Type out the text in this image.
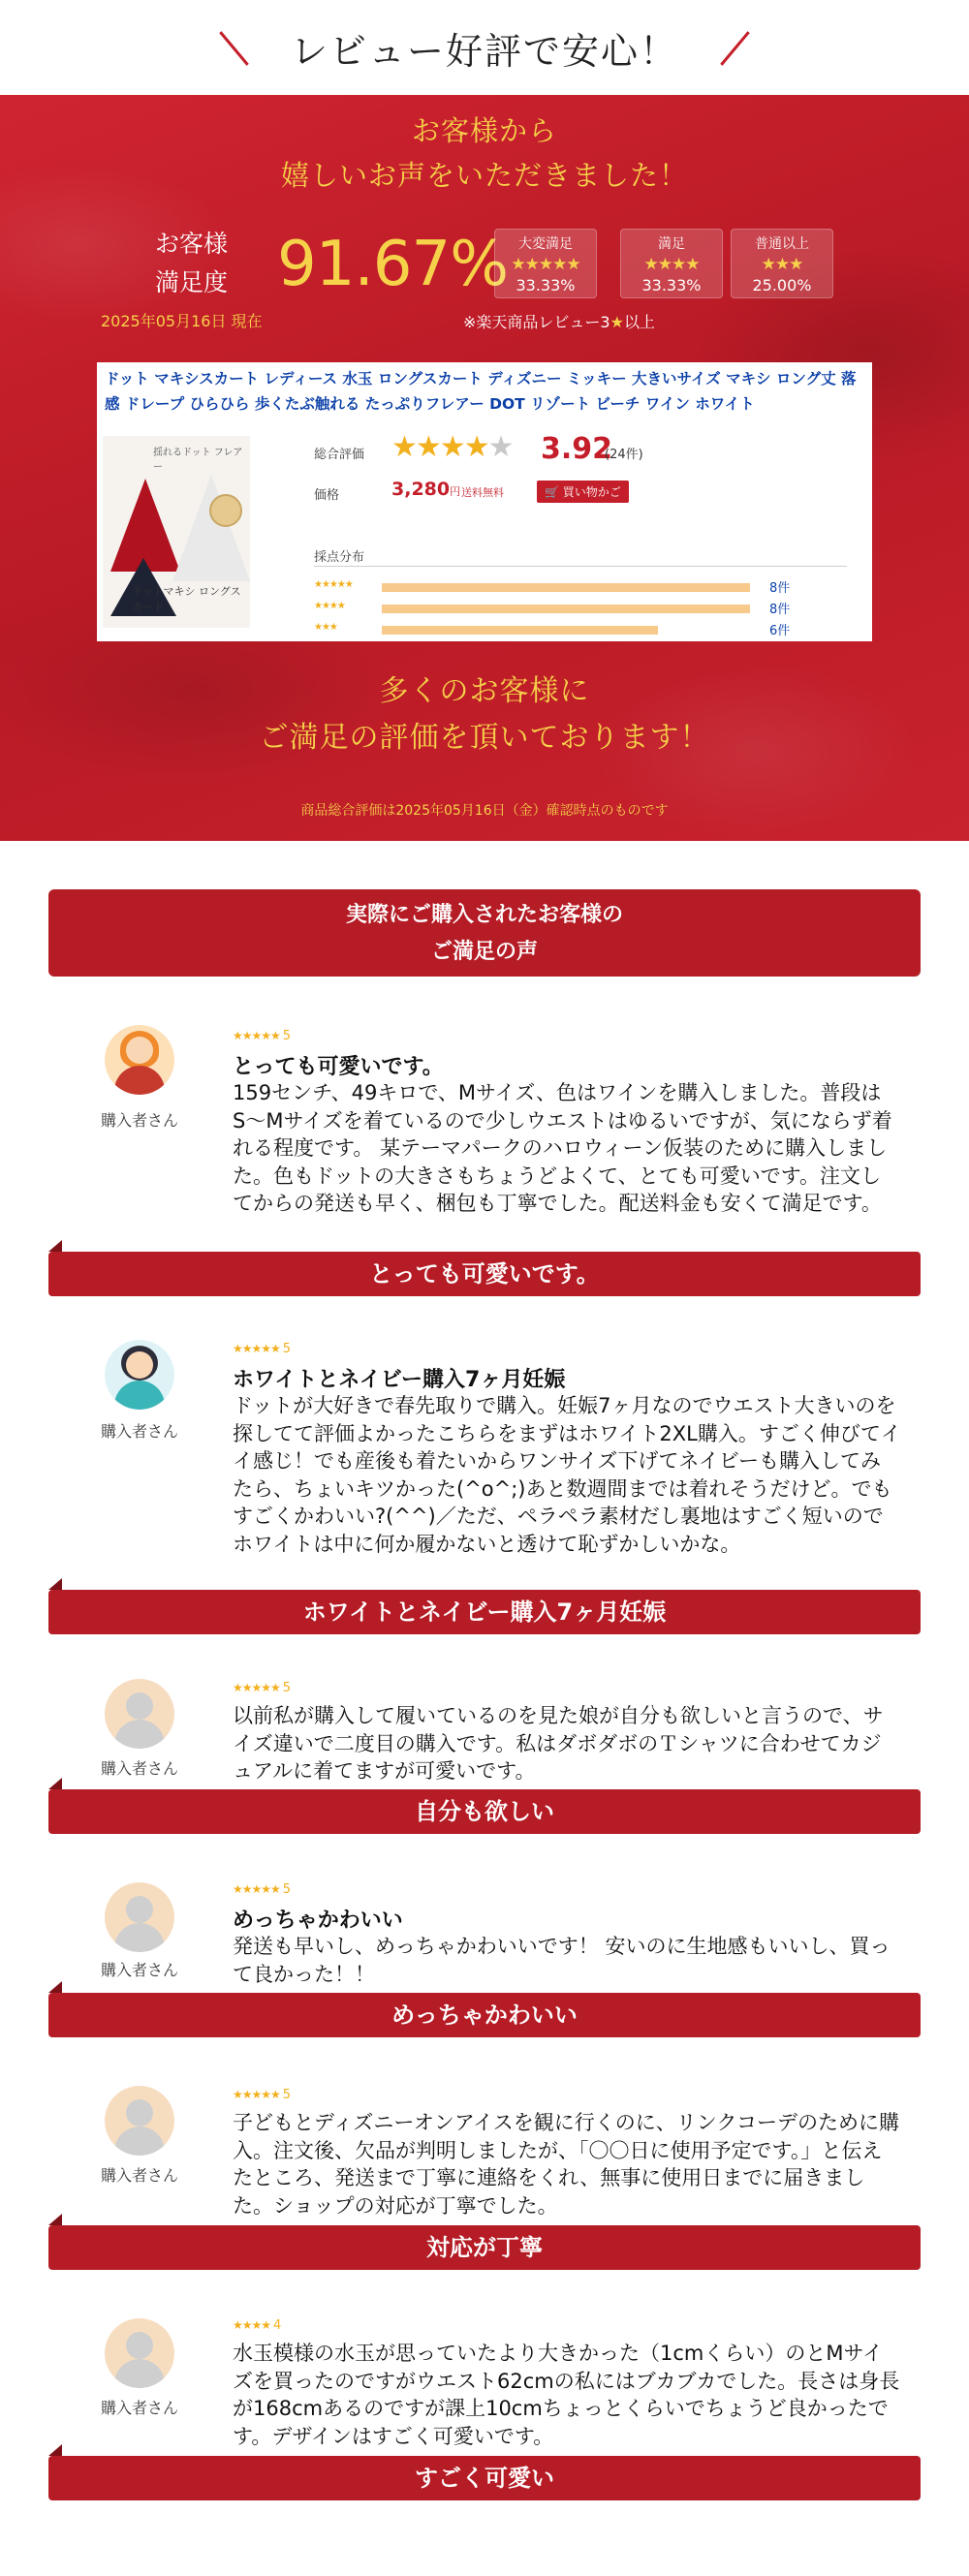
レビュー好評で安心！
お客様から
嬉しいお声をいただきました！
お客様
満足度 91.67%
2025年05月16日 現在
大変満足
★★★★★
33.33%
満足
★★★★
33.33%
普通以上
★★★
25.00%
※楽天商品レビュー3★以上
ドット マキシスカート レディース 水玉 ロングスカート ディズニー ミッキー 大きいサイズ マキシ ロング丈 落感 ドレープ ひらひら 歩くたぶ触れる たっぷりフレアー DOT リゾート ビーチ ワイン ホワイト
揺れるドット フレアー
ドットマキシ ロングスカート
総合評価 ★★★★★ 3.92
(24件)
価格	3,280円 送料無料	🛒 買い物かご
採点分布
★★★★★	8件
★★★★	8件
★★★	6件
多くのお客様に
ご満足の評価を頂いております！
商品総合評価は2025年05月16日（金）確認時点のものです
実際にご購入されたお客様の
ご満足の声
購入者さん
★★★★★ 5
とっても可愛いです。
159センチ、49キロで、Mサイズ、色はワインを購入しました。普段はS〜Mサイズを着ているので少しウエストはゆるいですが、気にならず着れる程度です。 某テーマパークのハロウィーン仮装のために購入しました。色もドットの大きさもちょうどよくて、とても可愛いです。注文してからの発送も早く、梱包も丁寧でした。配送料金も安くて満足です。
とっても可愛いです。
購入者さん
★★★★★ 5
ホワイトとネイビー購入7ヶ月妊娠
ドットが大好きで春先取りで購入。妊娠7ヶ月なのでウエスト大きいのを探してて評価よかったこちらをまずはホワイト2XL購入。すごく伸びてイイ感じ！でも産後も着たいからワンサイズ下げてネイビーも購入してみたら、ちょいキツかった(^o^;)あと数週間までは着れそうだけど。でもすごくかわいい?(^^)／ただ、ペラペラ素材だし裏地はすごく短いのでホワイトは中に何か履かないと透けて恥ずかしいかな。
ホワイトとネイビー購入7ヶ月妊娠
購入者さん
★★★★★ 5
以前私が購入して履いているのを見た娘が自分も欲しいと言うので、サイズ違いで二度目の購入です。私はダボダボのＴシャツに合わせてカジュアルに着てますが可愛いです。
自分も欲しい
購入者さん
★★★★★ 5
めっちゃかわいい
発送も早いし、めっちゃかわいいです！ 安いのに生地感もいいし、買って良かった！！
めっちゃかわいい
購入者さん
★★★★★ 5
子どもとディズニーオンアイスを観に行くのに、リンクコーデのために購入。注文後、欠品が判明しましたが、「〇〇日に使用予定です。」と伝えたところ、発送まで丁寧に連絡をくれ、無事に使用日までに届きました。ショップの対応が丁寧でした。
対応が丁寧
購入者さん
★★★★ 4
水玉模様の水玉が思っていたより大きかった（1cmくらい）のとMサイズを買ったのですがウエスト62cmの私にはブカブカでした。長さは身長が168cmあるのですが課上10cmちょっとくらいでちょうど良かったです。デザインはすごく可愛いです。
すごく可愛い
